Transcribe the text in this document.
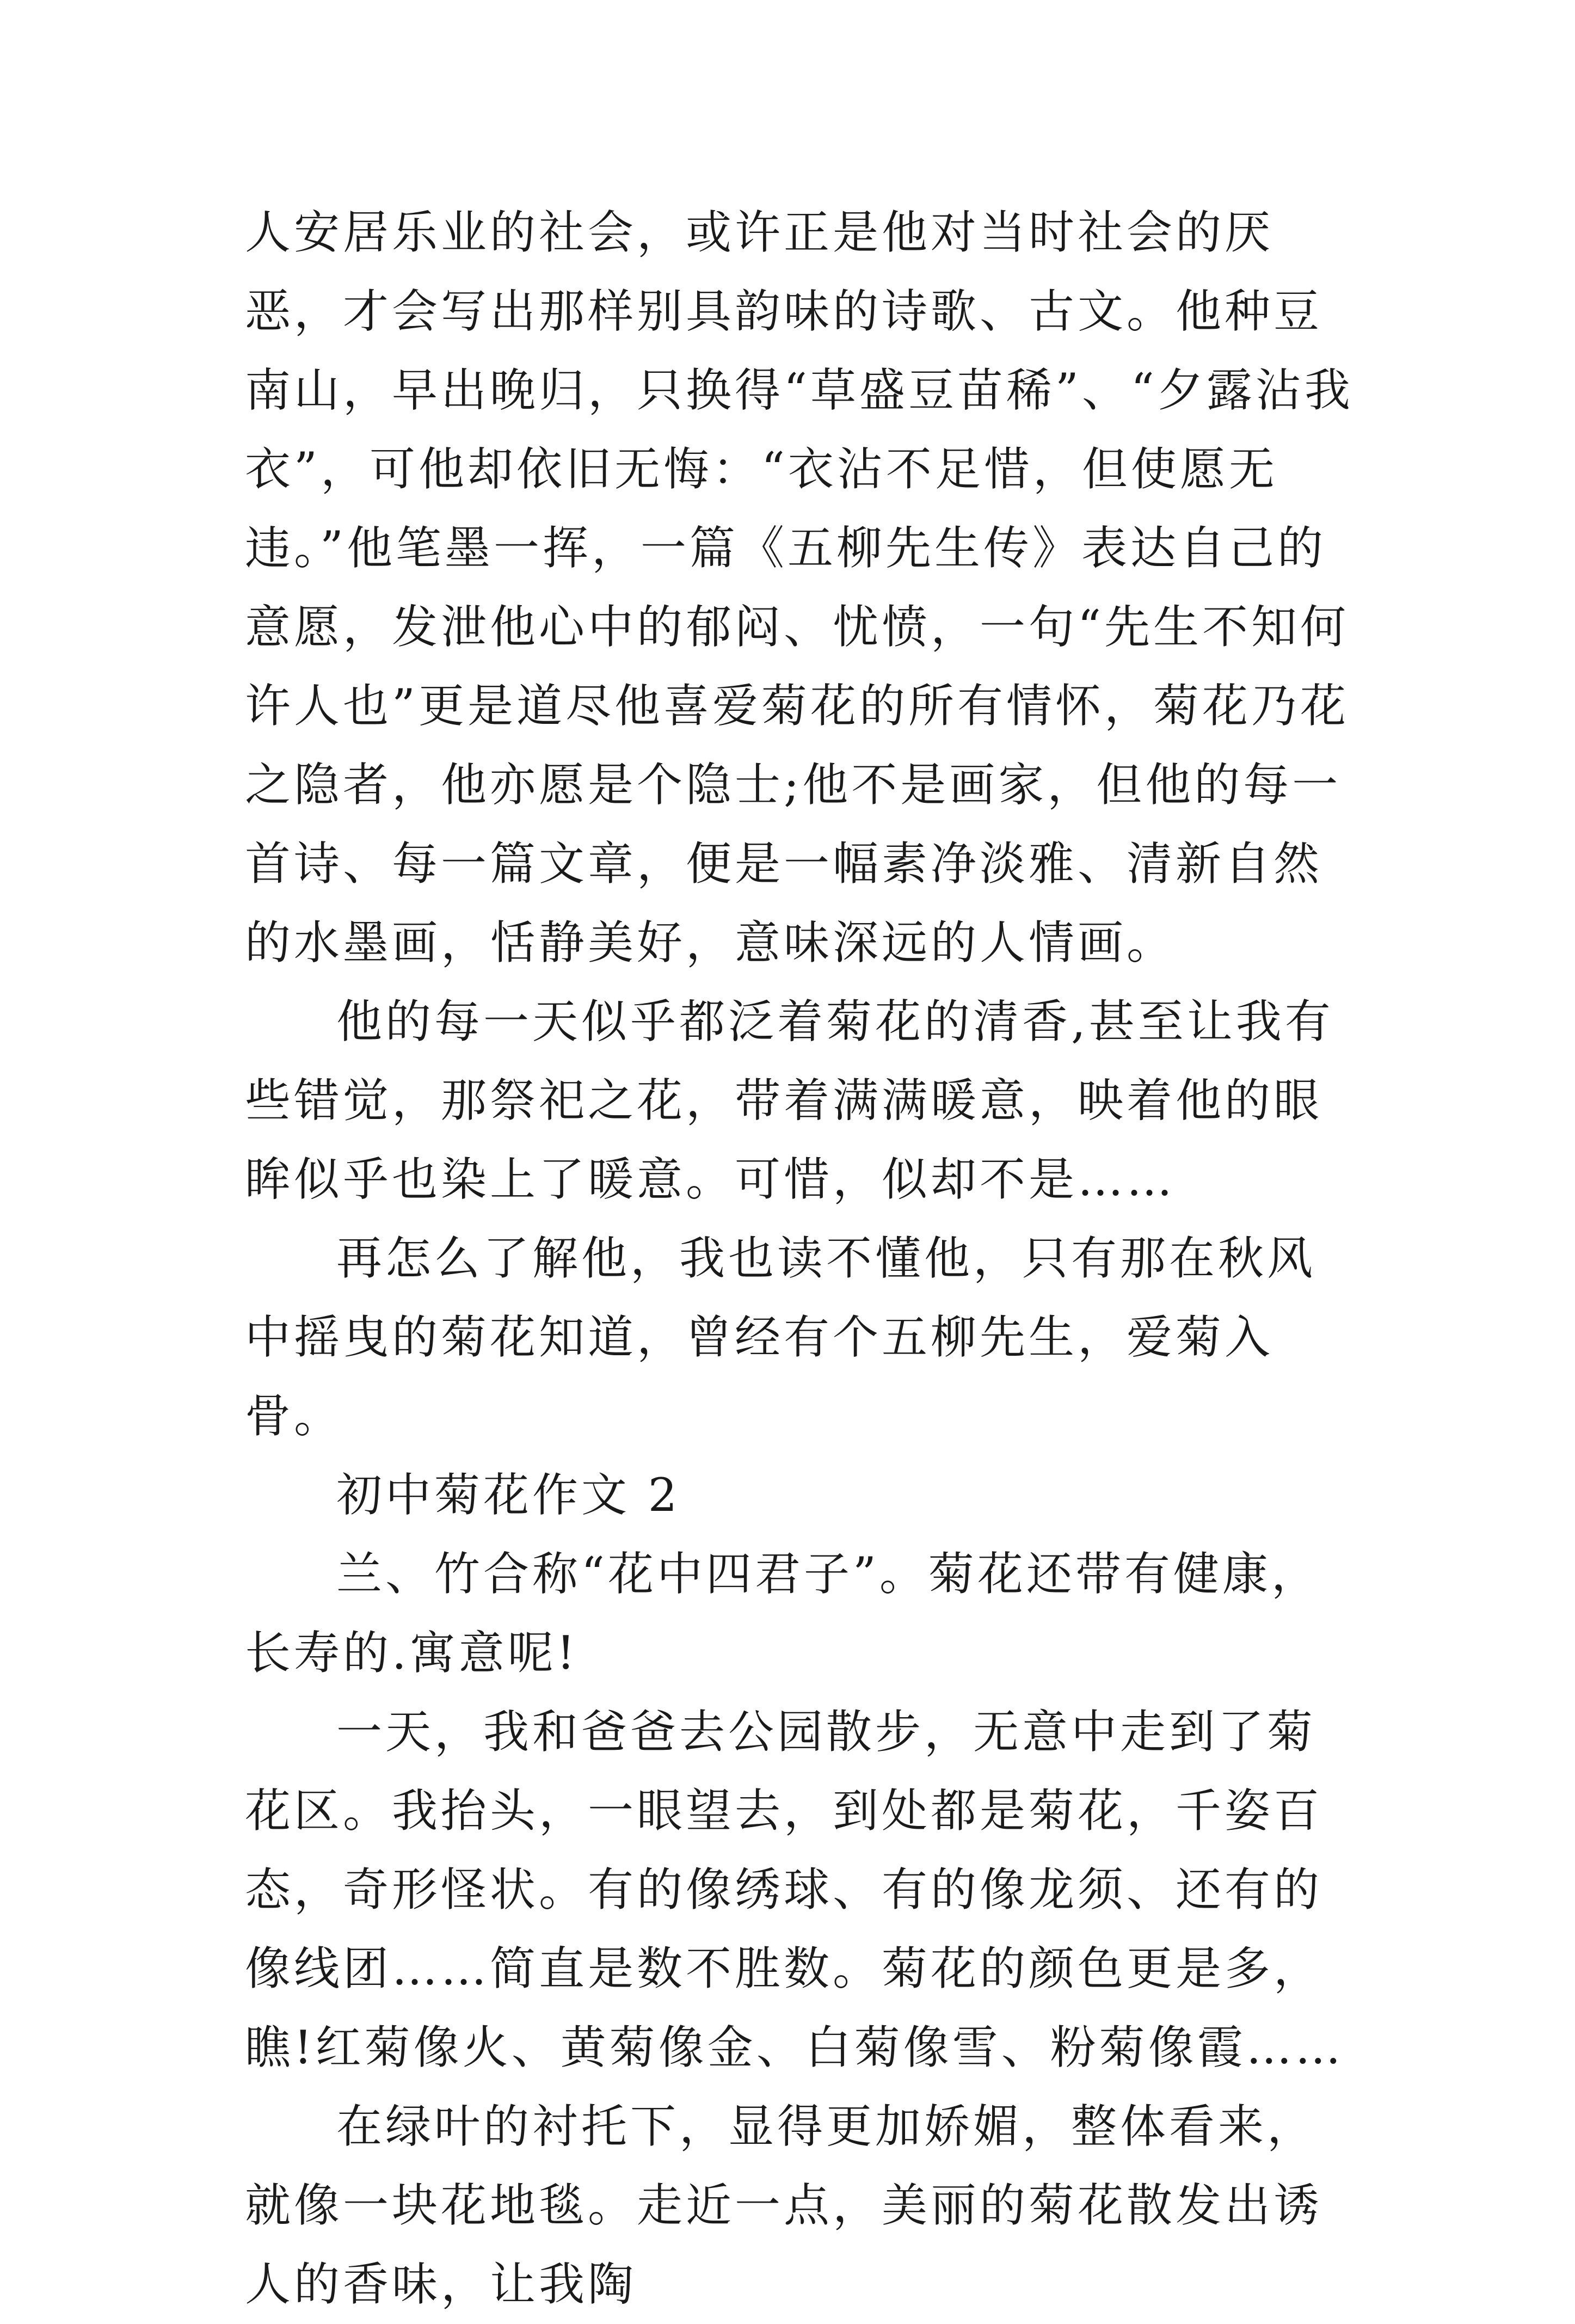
人安居乐业的社会，或许正是他对当时社会的厌恶，才会写出那样别具韵味的诗歌、古文。他种豆南山，早出晚归，只换得“草盛豆苗稀”、“夕露沾我衣”，可他却依旧无悔：“衣沾不足惜，但使愿无违。”他笔墨一挥，一篇《五柳先生传》表达自己的意愿，发泄他心中的郁闷、忧愤，一句“先生不知何许人也”更是道尽他喜爱菊花的所有情怀，菊花乃花之隐者，他亦愿是个隐士;他不是画家，但他的每一首诗、每一篇文章，便是一幅素净淡雅、清新自然的水墨画，恬静美好，意味深远的人情画。

他的每一天似乎都泛着菊花的清香,甚至让我有些错觉，那祭祀之花，带着满满暖意，映着他的眼眸似乎也染上了暖意。可惜，似却不是……

再怎么了解他，我也读不懂他，只有那在秋风中摇曳的菊花知道，曾经有个五柳先生，爱菊入骨。

初中菊花作文 2

兰、竹合称“花中四君子”。菊花还带有健康，长寿的.寓意呢!

一天，我和爸爸去公园散步，无意中走到了菊花区。我抬头，一眼望去，到处都是菊花，千姿百态，奇形怪状。有的像绣球、有的像龙须、还有的像线团……简直是数不胜数。菊花的颜色更是多，瞧!红菊像火、黄菊像金、白菊像雪、粉菊像霞……

在绿叶的衬托下，显得更加娇媚，整体看来，就像一块花地毯。走近一点，美丽的菊花散发出诱人的香味，让我陶
